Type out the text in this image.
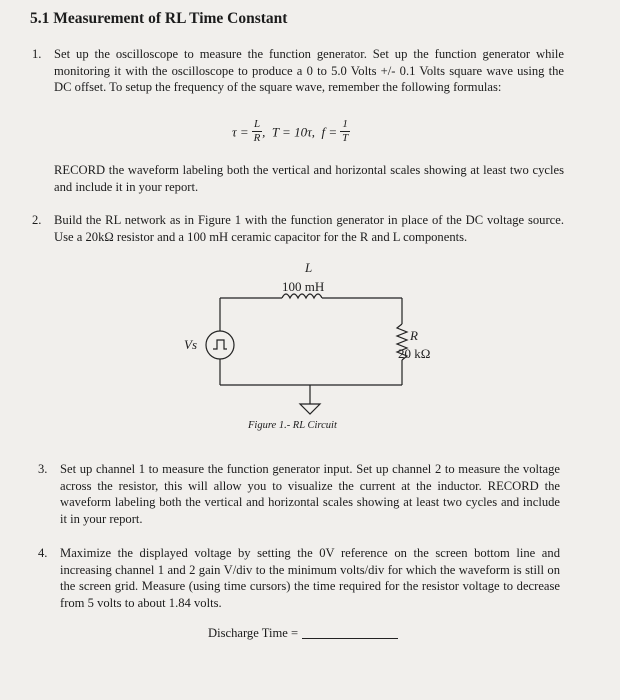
5.1 Measurement of RL Time Constant
1. Set up the oscilloscope to measure the function generator. Set up the function generator while monitoring it with the oscilloscope to produce a 0 to 5.0 Volts +/- 0.1 Volts square wave using the DC offset. To setup the frequency of the square wave, remember the following formulas:
$\tau = \frac{L}{R}$ , T = 10τ, $f = \frac{1}{T}$
RECORD the waveform labeling both the vertical and horizontal scales showing at least two cycles and include it in your report.
2. Build the RL network as in Figure 1 with the function generator in place of the DC voltage source. Use a 20kΩ resistor and a 100 mH ceramic capacitor for the R and L components.
L
100 mH
R
20 kΩ
Vs
Figure 1.- RL Circuit
3. Set up channel 1 to measure the function generator input. Set up channel 2 to measure the voltage across the resistor, this will allow you to visualize the current at the inductor. RECORD the waveform labeling both the vertical and horizontal scales showing at least two cycles and include it in your report.
4. Maximize the displayed voltage by setting the 0V reference on the screen bottom line and increasing channel 1 and 2 gain V/div to the minimum volts/div for which the waveform is still on the screen grid. Measure (using time cursors) the time required for the resistor voltage to decrease from 5 volts to about 1.84 volts.
Discharge Time =
